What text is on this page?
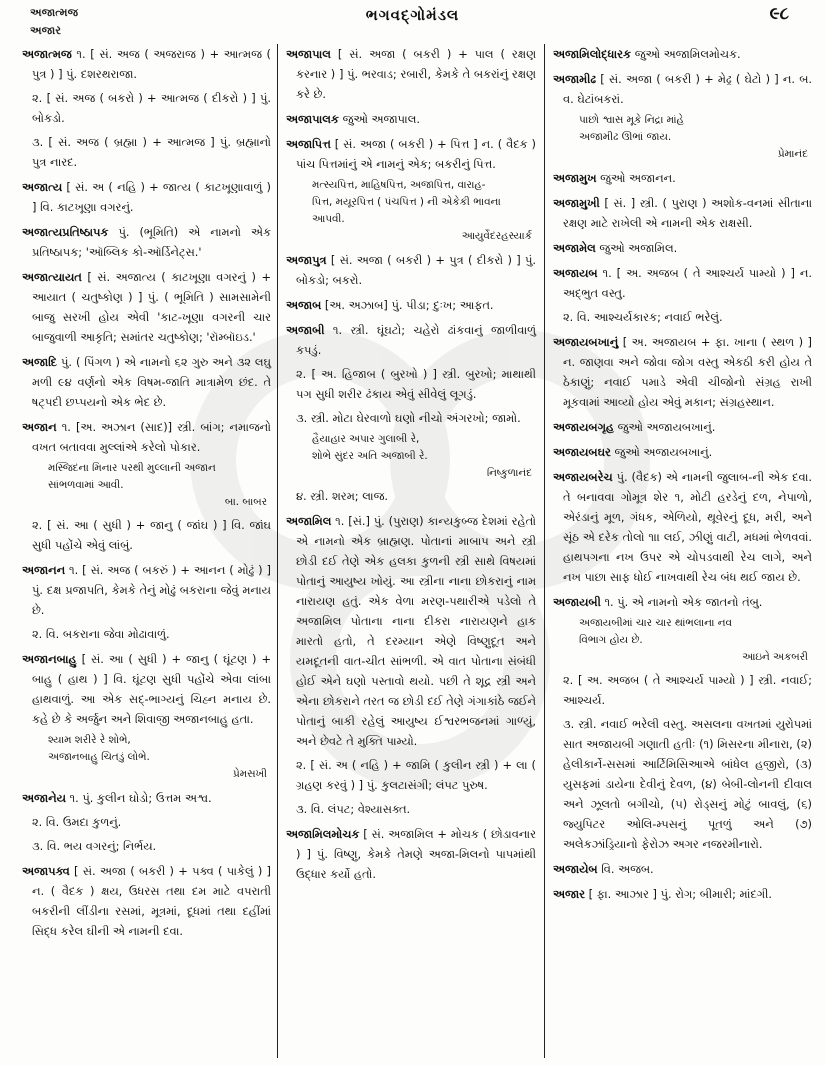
અજાત્મજ
અજાર
ભગવદ્ગોમંડલ	૯૮
અજાત્મજ ૧. [ સં. અજ ( અજરાજ ) + આત્મજ ( પુત્ર ) ] પું. દશરથરાજા.
૨. [ સં. અજ ( બકરો ) + આત્મજ ( દીકરો ) ] પું. બોકડો.
૩. [ સં. અજ ( બ્રહ્મા ) + આત્મજ ] પું. બ્રહ્માનો પુત્ર નારદ.
અજાત્ય [ સં. અ ( નહિ ) + જાત્ય ( કાટખૂણાવાળું ) ] વિ. કાટખૂણા વગરનું.
અજાત્યપ્રતિષ્ઠાપક પું. (ભૂમિતિ) એ નામનો એક પ્રતિષ્ઠાપક; 'ઑબ્લિક કો-ઑર્ડિનેટ્સ.'
અજાત્યાયત [ સં. અજાત્ય ( કાટખૂણા વગરનું ) + આયાત ( ચતુષ્કોણ ) ] પું. ( ભૂમિતિ ) સામસામેની બાજુ સરખી હોય એવી 'કાટ-ખૂણા વગરની ચાર બાજુવાળી આકૃતિ; સમાંતર ચતુષ્કોણ; 'રૉમ્બૉઇડ.'
અજાદિ પું. ( પિંગળ ) એ નામનો ૬૨ ગુરુ અને ૩૨ લઘુ મળી ૯૪ વર્ણનો એક વિષમ-જાતિ માત્રામેળ છંદ. તે ષટ્પદી છપ્પયનો એક ભેદ છે.
અજાન ૧. [અ. અઝાન (સાદ)] સ્ત્રી. બાંગ; નમાજનો વખત બતાવવા મુલ્લાંએ કરેલો પોકાર.
મસ્જિદના મિનાર પરથી મુલ્લાની અજાન
સાંભળવામાં આવી.
બા. બાબર
૨. [ સં. આ ( સુધી ) + જાનુ ( જાંઘ ) ] વિ. જાંઘ સુધી પહોંચે એવું લાંબું.
અજાનન ૧. [ સં. અજ ( બકરું ) + આનન ( મોઢું ) ] પું. દક્ષ પ્રજાપતિ, કેમકે તેનું મોઢું બકરાના જેવું મનાય છે.
૨. વિ. બકરાના જેવા મોઢાવાળું.
અજાનબાહુ [ સં. આ ( સુધી ) + જાનુ ( ઘૂંટણ ) + બાહુ ( હાથ ) ] વિ. ઘૂંટણ સુધી પહોંચે એવા લાંબા હાથવાળું. આ એક સદ્-ભાગ્યનું ચિહ્ન મનાય છે. કહે છે કે અર્જુન અને શિવાજી અજાનબાહુ હતા.
શ્યામ શરીરે રે શોભે,
અજાનબાહુ ચિતડું લોભે.
પ્રેમસખી
અજાનેય ૧. પું. કુલીન ઘોડો; ઉત્તમ અશ્વ.
૨. વિ. ઉમદા કુળનું.
૩. વિ. ભય વગરનું; નિર્ભય.
અજાપક્વ [ સં. અજા ( બકરી ) + પક્વ ( પાકેલું ) ] ન. ( વૈદક ) ક્ષય, ઉધરસ તથા દમ માટે વપરાતી બકરીની લીંડીના રસમાં, મૂત્રમાં, દૂધમાં તથા દહીંમાં સિદ્ધ કરેલ ઘીની એ નામની દવા.
અજાપાલ [ સં. અજા ( બકરી ) + પાલ ( રક્ષણ કરનાર ) ] પું. ભરવાડ; રબારી, કેમકે તે બકરાંનું રક્ષણ કરે છે.
અજાપાલક જુઓ અજાપાલ.
અજાપિત્ત [ સં. અજા ( બકરી ) + પિત્ત ] ન. ( વૈદક ) પાંચ પિત્તમાંનું એ નામનું એક; બકરીનું પિત્ત.
મત્સ્યપિત્ત, માહિષપિત્ત, અજાપિત્ત, વારાહ-
પિત્ત, મયૂરપિત્ત ( પંચપિત્ત ) ની એકેકી ભાવના
આપવી.
આયુર્વેદરહસ્યાર્ક
અજાપુત્ર [ સં. અજા ( બકરી ) + પુત્ર ( દીકરો ) ] પું. બોકડો; બકરો.
અજાબ [અ. અઝાબ] પું. પીડા; દુઃખ; આફત.
અજાબી ૧. સ્ત્રી. ઘૂંઘટો; ચહેરો ઢાંકવાનું જાળીવાળું કપડું.
૨. [ અ. હિજાબ ( બુરખો ) ] સ્ત્રી. બુરખો; માથાથી પગ સુધી શરીર ઢંકાય એવું સીવેલું લૂગડું.
૩. સ્ત્રી. મોટા ઘેરવાળો ઘણો નીચો અંગરખો; જામો.
હૈયાહાર અપાર ગુલાબી રે,
શોભે સુંદર અતિ અજાબી રે.
નિષ્કુળાનંદ
૪. સ્ત્રી. શરમ; લાજ.
અજામિલ ૧. [સં.] પું. (પુરાણ) કાન્યકુબ્જ દેશમાં રહેતો એ નામનો એક બ્રાહ્મણ. પોતાનાં માબાપ અને સ્ત્રી છોડી દઈ તેણે એક હલકા કુળની સ્ત્રી સાથે વિષયમાં પોતાનું આયુષ્ય ખોયું. આ સ્ત્રીના નાના છોકરાનું નામ નારાયણ હતું. એક વેળા મરણ-પથારીએ પડેલો તે અજામિલ પોતાના નાના દીકરા નારાયણને હાક મારતો હતો, તે દરમ્યાન એણે વિષ્ણુદૂત અને યમદૂતની વાત-ચીત સાંભળી. એ વાત પોતાના સંબંધી હોઈ એને ઘણો પસ્તાવો થયો. પછી તે શૂદ્ર સ્ત્રી અને એના છોકરાને તરત જ છોડી દઈ તેણે ગંગાકાંઠે જઈને પોતાનું બાકી રહેલું આયુષ્ય ઈશ્વરભજનમાં ગાળ્યું, અને છેવટે તે મુક્તિ પામ્યો.
૨. [ સં. અ ( નહિ ) + જામિ ( કુલીન સ્ત્રી ) + લા ( ગ્રહણ કરવું ) ] પું. કુલટાસંગી; લંપટ પુરુષ.
૩. વિ. લંપટ; વેશ્યાસક્ત.
અજામિલમોચક [ સં. અજામિલ + મોચક ( છોડાવનાર ) ] પું. વિષ્ણુ, કેમકે તેમણે અજા-મિલનો પાપમાંથી ઉદ્ધાર કર્યો હતો.
અજામિલોદ્ધારક જુઓ અજામિલમોચક.
અજામીઢ [ સં. અજા ( બકરી ) + મેઢ્ર ( ઘેટો ) ] ન. બ. વ. ઘેટાંબકરાં.
પાછો શ્વાસ મૂકે નિદ્રા માંહે
અજામીઢ ઊભાં જાય.
પ્રેમાનંદ
અજામુખ જુઓ અજાનન.
અજામુખી [ સં. ] સ્ત્રી. ( પુરાણ ) અશોક-વનમાં સીતાના રક્ષણ માટે રાખેલી એ નામની એક રાક્ષસી.
અજામેલ જુઓ અજામિલ.
અજાયબ ૧. [ અ. અજબ ( તે આશ્ચર્ય પામ્યો ) ] ન. અદ્ભુત વસ્તુ.
૨. વિ. આશ્ચર્યકારક; નવાઈ ભરેલું.
અજાયબખાનું [ અ. અજાયબ + ફા. ખાના ( સ્થળ ) ] ન. જાણવા અને જોવા જોગ વસ્તુ એકઠી કરી હોય તે ઠેકાણું; નવાઈ પમાડે એવી ચીજોનો સંગ્રહ રાખી મૂકવામાં આવ્યો હોય એવું મકાન; સંગ્રહસ્થાન.
અજાયબગૃહ જુઓ અજાયબખાનું.
અજાયબઘર જુઓ અજાયબખાનું.
અજાયબરેચ પું. (વૈદક) એ નામની જુલાબ-ની એક દવા. તે બનાવવા ગોમૂત્ર શેર ૧, મોટી હરડેનું દળ, નેપાળો, એરંડાનું મૂળ, ગંધક, એળિયો, થૂવેરનું દૂધ, મરી, અને સૂંઠ એ દરેક તોલો ૧।। લઈ, ઝીણું વાટી, મધમાં ભેળવવાં. હાથપગના નખ ઉપર એ ચોપડવાથી રેચ લાગે, અને નખ પાછા સાફ ધોઈ નાખવાથી રેચ બંધ થઈ જાય છે.
અજાયબી ૧. પું. એ નામનો એક જાતનો તંબુ.
અજાયબીમાં ચાર ચાર થાંભલાના નવ
વિભાગ હોય છે.
આઇને અકબરી
૨. [ અ. અજબ ( તે આશ્ચર્ય પામ્યો ) ] સ્ત્રી. નવાઈ; આશ્ચર્ય.
૩. સ્ત્રી. નવાઈ ભરેલી વસ્તુ. અસલના વખતમાં યુરોપમાં સાત અજાયબી ગણાતી હતીઃ (૧) મિસરના મીનારા, (૨) હેલીકાર્ને-સસમાં આર્ટિમિસિઆએ બાંધેલ હજીરો, (૩) યુસફમાં ડાયેના દેવીનું દેવળ, (૪) બેબી-લોનની દીવાલ અને ઝૂલતો બગીચો, (૫) રોડ્સનું મોટું બાવલું, (૬) જ્યુપિટર ઓલિ-મ્પસનું પૂતળું અને (૭) અલેકઝાંડ્રિયાનો ફેરોઝ અગર નજરમીનારો.
અજાયેબ વિ. અજબ.
અજાર [ ફા. આઝાર ] પું. રોગ; બીમારી; માંદગી.
